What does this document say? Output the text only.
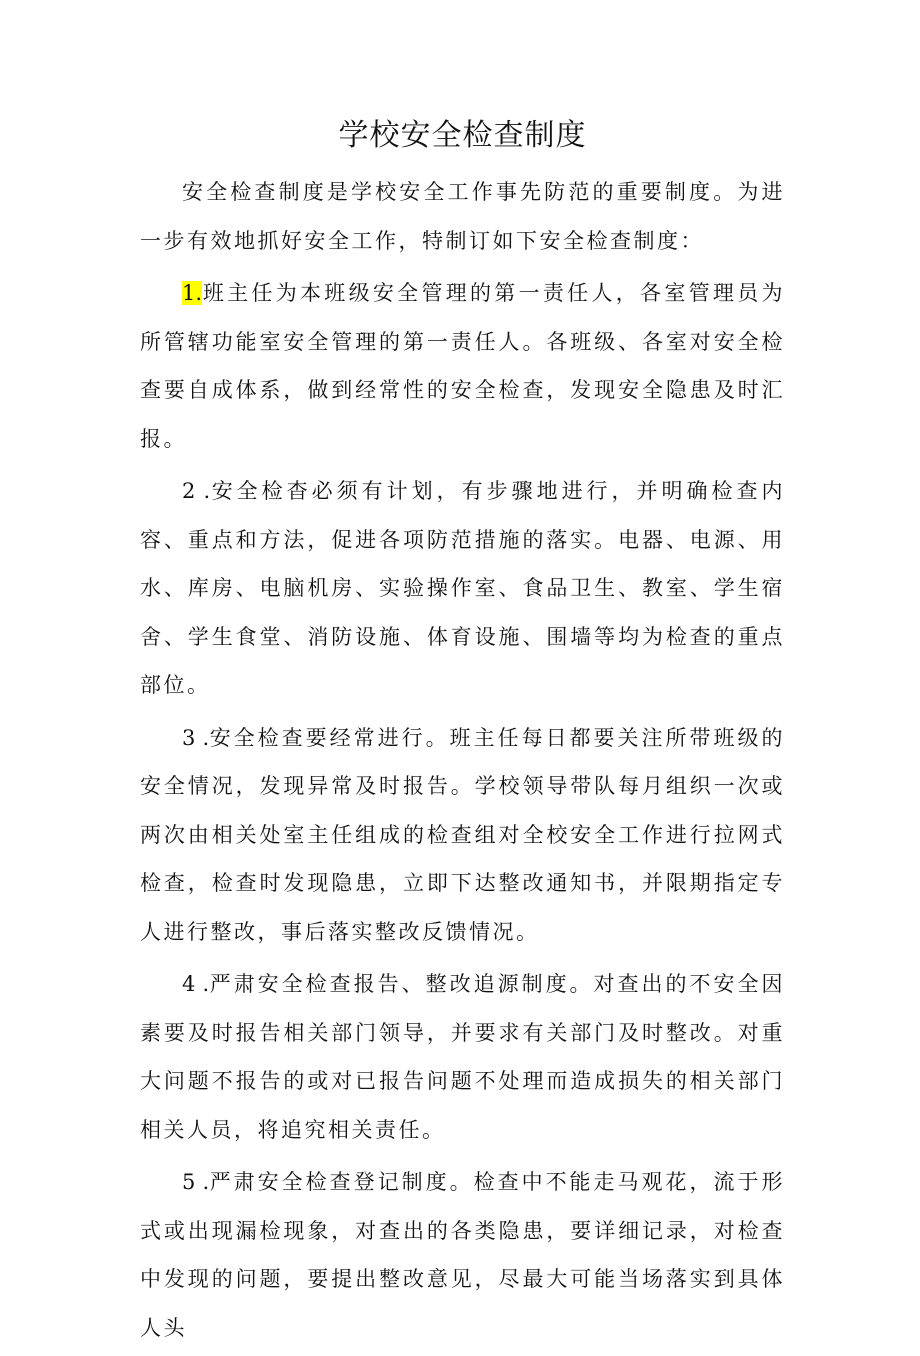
学校安全检查制度

安全检查制度是学校安全工作事先防范的重要制度。为进一步有效地抓好安全工作，特制订如下安全检查制度：

1.班主任为本班级安全管理的第一责任人，各室管理员为所管辖功能室安全管理的第一责任人。各班级、各室对安全检查要自成体系，做到经常性的安全检查，发现安全隐患及时汇报。

2 .安全检杳必须有计划，有步骤地进行，并明确检查内容、重点和方法，促进各项防范措施的落实。电器、电源、用水、库房、电脑机房、实验操作室、食品卫生、教室、学生宿舍、学生食堂、消防设施、体育设施、围墙等均为检查的重点部位。

3 .安全检查要经常进行。班主任每日都要关注所带班级的安全情况，发现异常及时报告。学校领导带队每月组织一次或两次由相关处室主任组成的检查组对全校安全工作进行拉网式检查，检查时发现隐患，立即下达整改通知书，并限期指定专人进行整改，事后落实整改反馈情况。

4 .严肃安全检查报告、整改追源制度。对查出的不安全因素要及时报告相关部门领导，并要求有关部门及时整改。对重大问题不报告的或对已报告问题不处理而造成损失的相关部门相关人员，将追究相关责任。

5 .严肃安全检查登记制度。检查中不能走马观花，流于形式或出现漏检现象，对查出的各类隐患，要详细记录，对检查中发现的问题，要提出整改意见，尽最大可能当场落实到具体人头
